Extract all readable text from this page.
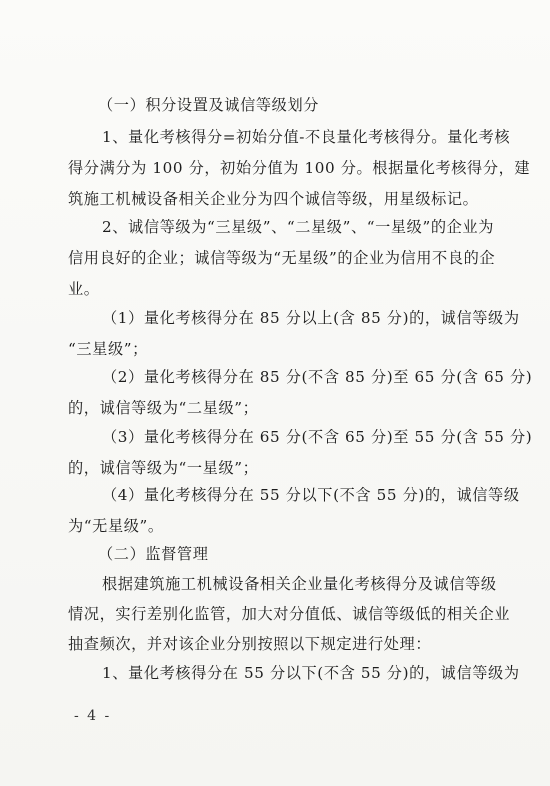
（一）积分设置及诚信等级划分
1、量化考核得分=初始分值-不良量化考核得分。量化考核
得分满分为 100 分，初始分值为 100 分。根据量化考核得分，建
筑施工机械设备相关企业分为四个诚信等级，用星级标记。
2、诚信等级为“三星级”、“二星级”、“一星级”的企业为
信用良好的企业；诚信等级为“无星级”的企业为信用不良的企
业。
（1）量化考核得分在 85 分以上(含 85 分)的，诚信等级为
“三星级”；
（2）量化考核得分在 85 分(不含 85 分)至 65 分(含 65 分)
的，诚信等级为“二星级”；
（3）量化考核得分在 65 分(不含 65 分)至 55 分(含 55 分)
的，诚信等级为“一星级”；
（4）量化考核得分在 55 分以下(不含 55 分)的，诚信等级
为“无星级”。
（二）监督管理
根据建筑施工机械设备相关企业量化考核得分及诚信等级
情况，实行差别化监管，加大对分值低、诚信等级低的相关企业
抽查频次，并对该企业分别按照以下规定进行处理：
1、量化考核得分在 55 分以下(不含 55 分)的，诚信等级为
- 4 -
